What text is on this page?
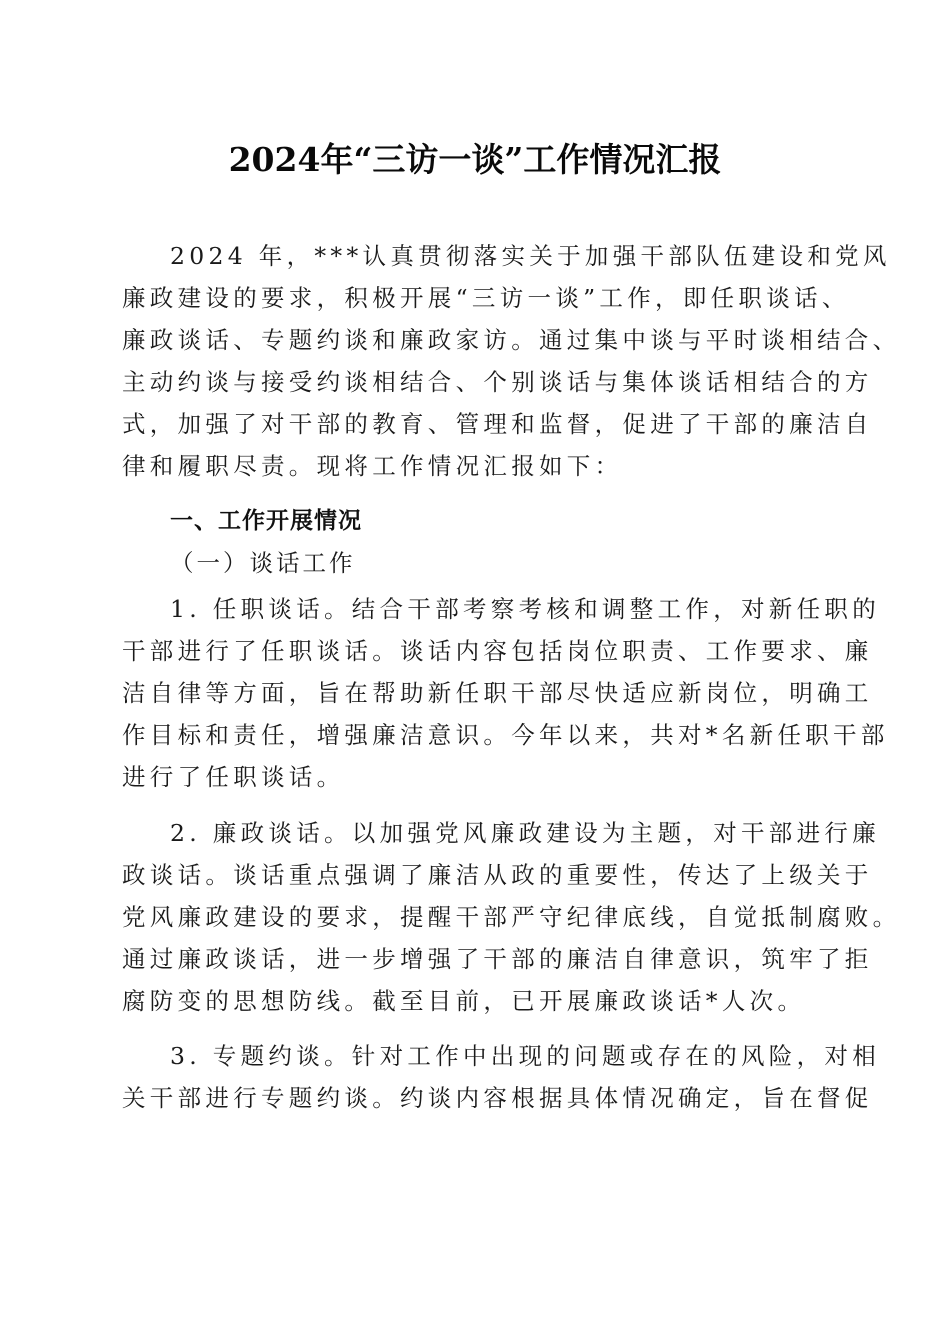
2024年“三访一谈”工作情况汇报
2024 年，***认真贯彻落实关于加强干部队伍建设和党风
廉政建设的要求，积极开展“三访一谈”工作，即任职谈话、
廉政谈话、专题约谈和廉政家访。通过集中谈与平时谈相结合、
主动约谈与接受约谈相结合、个别谈话与集体谈话相结合的方
式，加强了对干部的教育、管理和监督，促进了干部的廉洁自
律和履职尽责。现将工作情况汇报如下：
一、工作开展情况
（一）谈话工作
1. 任职谈话。结合干部考察考核和调整工作，对新任职的
干部进行了任职谈话。谈话内容包括岗位职责、工作要求、廉
洁自律等方面，旨在帮助新任职干部尽快适应新岗位，明确工
作目标和责任，增强廉洁意识。今年以来，共对*名新任职干部
进行了任职谈话。
2. 廉政谈话。以加强党风廉政建设为主题，对干部进行廉
政谈话。谈话重点强调了廉洁从政的重要性，传达了上级关于
党风廉政建设的要求，提醒干部严守纪律底线，自觉抵制腐败。
通过廉政谈话，进一步增强了干部的廉洁自律意识，筑牢了拒
腐防变的思想防线。截至目前，已开展廉政谈话*人次。
3. 专题约谈。针对工作中出现的问题或存在的风险，对相
关干部进行专题约谈。约谈内容根据具体情况确定，旨在督促
